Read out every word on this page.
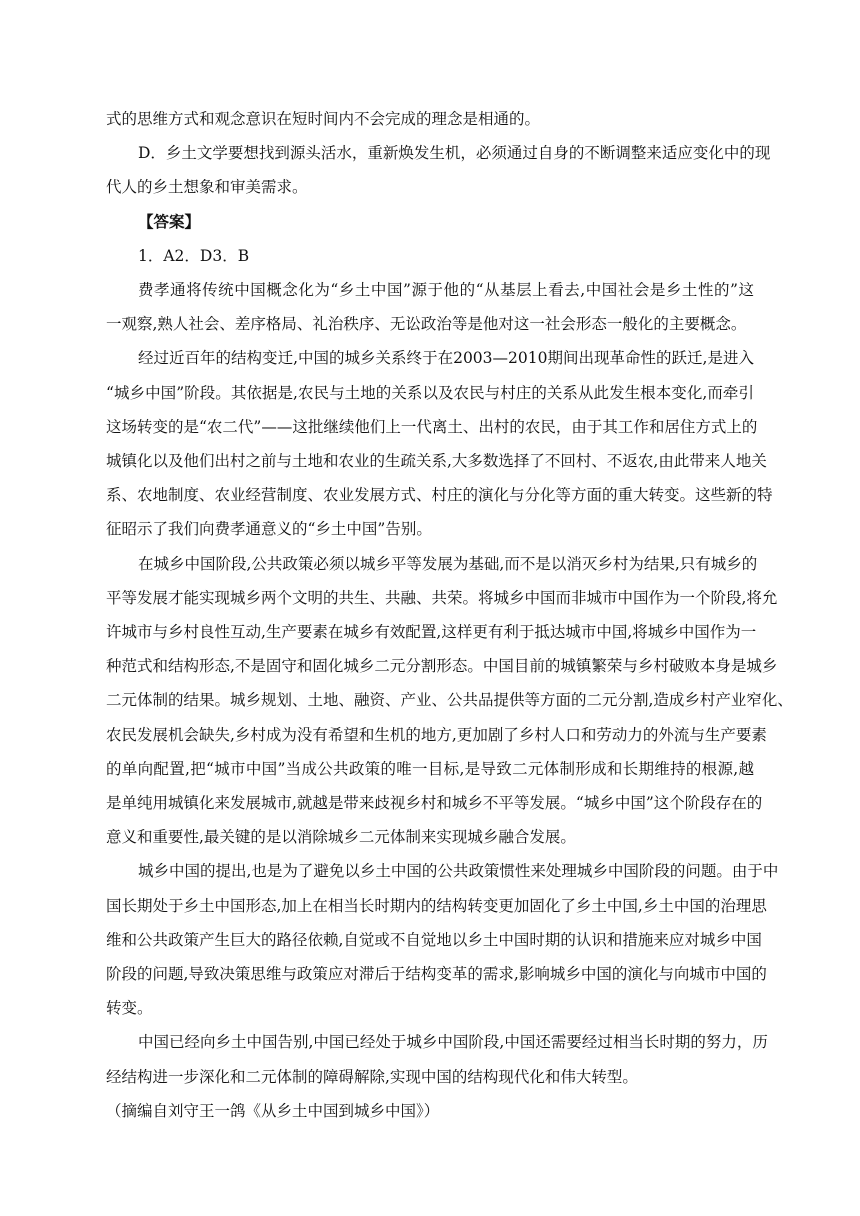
式的思维方式和观念意识在短时间内不会完成的理念是相通的。

D．乡土文学要想找到源头活水，重新焕发生机，必须通过自身的不断调整来适应变化中的现

代人的乡土想象和审美需求。

【答案】

1．A2．D3．B

费孝通将传统中国概念化为“乡土中国”源于他的“从基层上看去,中国社会是乡土性的”这

一观察,熟人社会、差序格局、礼治秩序、无讼政治等是他对这一社会形态一般化的主要概念。

经过近百年的结构变迁,中国的城乡关系终于在2003—2010期间出现革命性的跃迁,是进入

“城乡中国”阶段。其依据是,农民与土地的关系以及农民与村庄的关系从此发生根本变化,而牵引

这场转变的是“农二代”——这批继续他们上一代离土、出村的农民，由于其工作和居住方式上的

城镇化以及他们出村之前与土地和农业的生疏关系,大多数选择了不回村、不返农,由此带来人地关

系、农地制度、农业经营制度、农业发展方式、村庄的演化与分化等方面的重大转变。这些新的特

征昭示了我们向费孝通意义的“乡土中国”告别。

在城乡中国阶段,公共政策必须以城乡平等发展为基础,而不是以消灭乡村为结果,只有城乡的

平等发展才能实现城乡两个文明的共生、共融、共荣。将城乡中国而非城市中国作为一个阶段,将允

许城市与乡村良性互动,生产要素在城乡有效配置,这样更有利于抵达城市中国,将城乡中国作为一

种范式和结构形态,不是固守和固化城乡二元分割形态。中国目前的城镇繁荣与乡村破败本身是城乡

二元体制的结果。城乡规划、土地、融资、产业、公共品提供等方面的二元分割,造成乡村产业窄化、

农民发展机会缺失,乡村成为没有希望和生机的地方,更加剧了乡村人口和劳动力的外流与生产要素

的单向配置,把“城市中国”当成公共政策的唯一目标,是导致二元体制形成和长期维持的根源,越

是单纯用城镇化来发展城市,就越是带来歧视乡村和城乡不平等发展。“城乡中国”这个阶段存在的

意义和重要性,最关键的是以消除城乡二元体制来实现城乡融合发展。

城乡中国的提出,也是为了避免以乡土中国的公共政策惯性来处理城乡中国阶段的问题。由于中

国长期处于乡土中国形态,加上在相当长时期内的结构转变更加固化了乡土中国,乡土中国的治理思

维和公共政策产生巨大的路径依赖,自觉或不自觉地以乡土中国时期的认识和措施来应对城乡中国

阶段的问题,导致决策思维与政策应对滞后于结构变革的需求,影响城乡中国的演化与向城市中国的

转变。

中国已经向乡土中国告别,中国已经处于城乡中国阶段,中国还需要经过相当长时期的努力，历

经结构进一步深化和二元体制的障碍解除,实现中国的结构现代化和伟大转型。

（摘编自刘守王一鸽《从乡土中国到城乡中国》）
